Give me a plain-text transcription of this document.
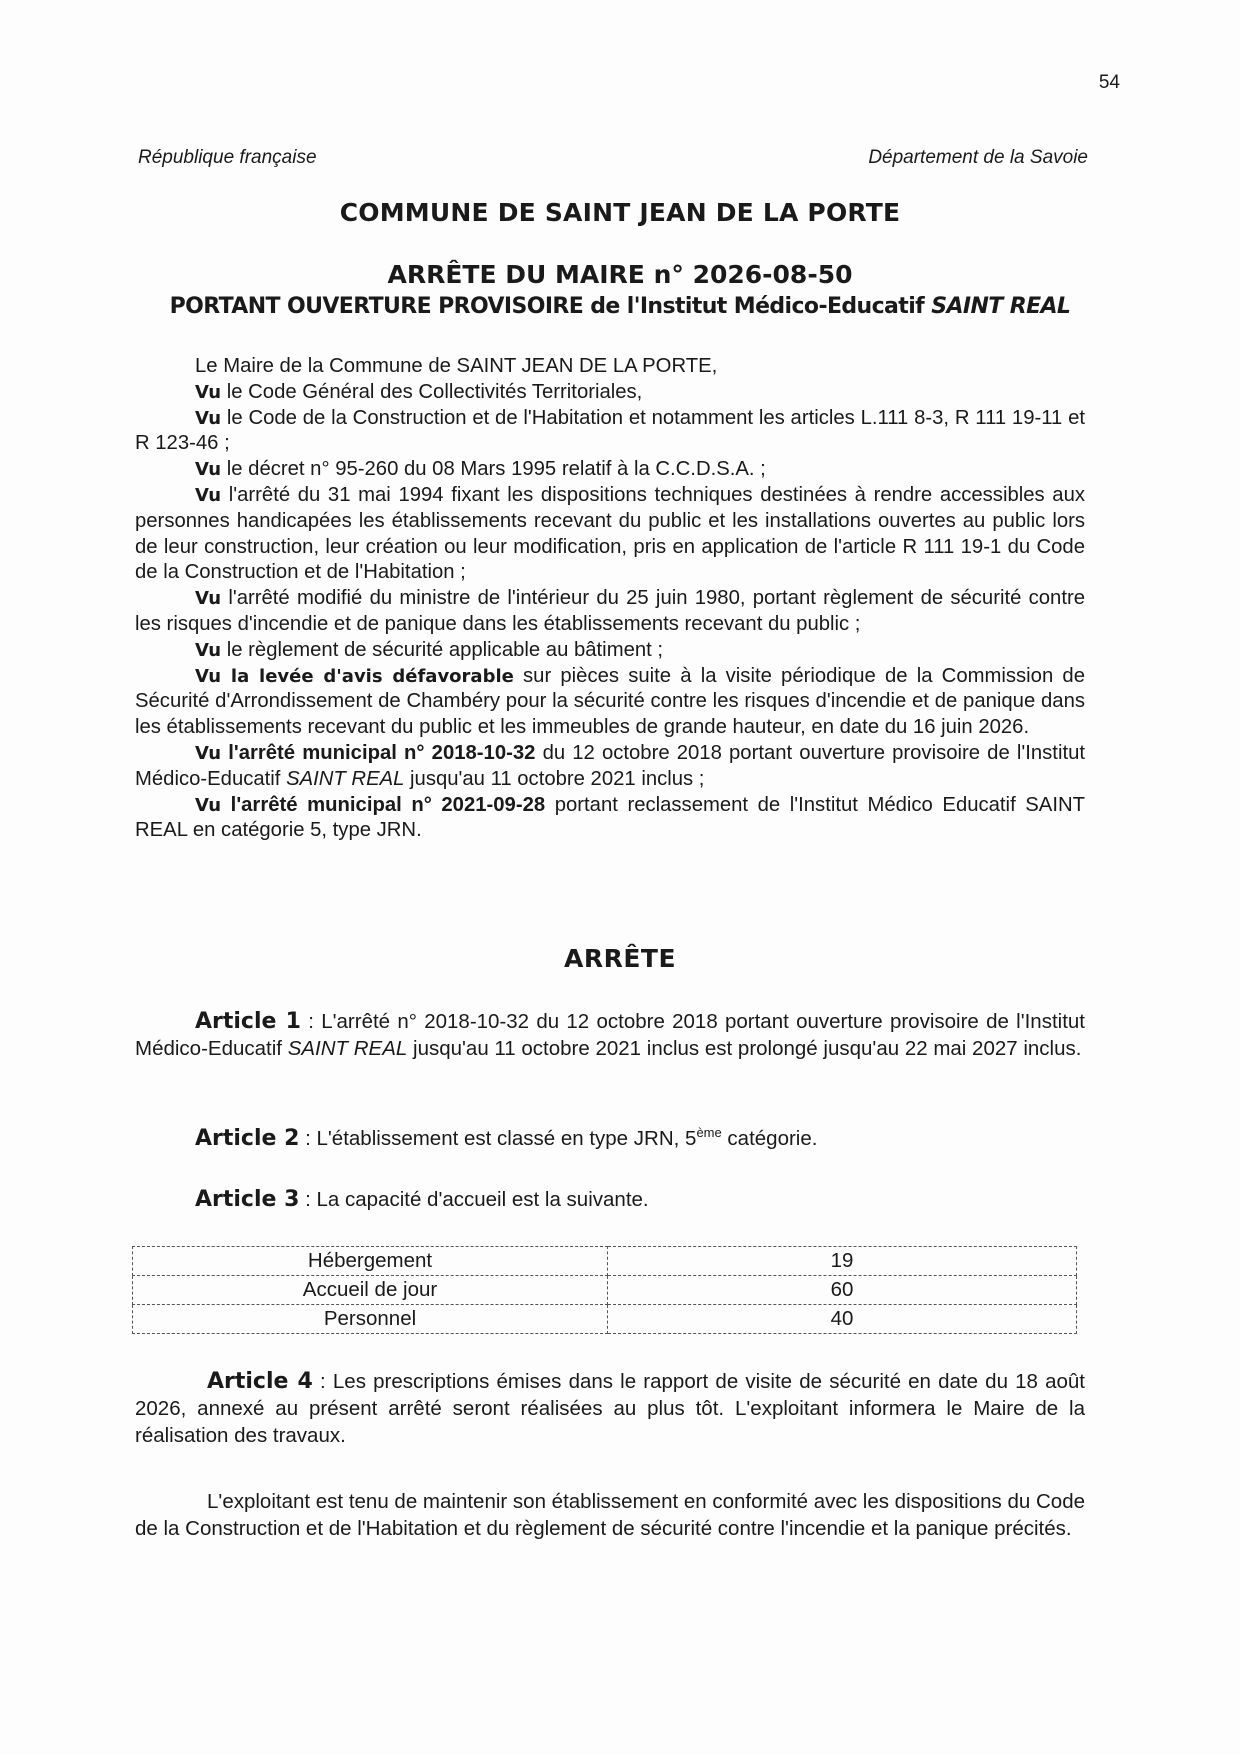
54
République française	Département de la Savoie

COMMUNE DE SAINT JEAN DE LA PORTE

ARRÊTE DU MAIRE n° 2026-08-50

PORTANT OUVERTURE PROVISOIRE de l'Institut Médico-Educatif SAINT REAL

Le Maire de la Commune de SAINT JEAN DE LA PORTE,

Vu le Code Général des Collectivités Territoriales,

Vu le Code de la Construction et de l'Habitation et notamment les articles L.111 8-3, R 111 19-11 et R 123-46 ;

Vu le décret n° 95-260 du 08 Mars 1995 relatif à la C.C.D.S.A. ;

Vu l'arrêté du 31 mai 1994 fixant les dispositions techniques destinées à rendre accessibles aux personnes handicapées les établissements recevant du public et les installations ouvertes au public lors de leur construction, leur création ou leur modification, pris en application de l'article R 111 19-1 du Code de la Construction et de l'Habitation ;

Vu l'arrêté modifié du ministre de l'intérieur du 25 juin 1980, portant règlement de sécurité contre les risques d'incendie et de panique dans les établissements recevant du public ;

Vu le règlement de sécurité applicable au bâtiment ;

Vu la levée d'avis défavorable sur pièces suite à la visite périodique de la Commission de Sécurité d'Arrondissement de Chambéry pour la sécurité contre les risques d'incendie et de panique dans les établissements recevant du public et les immeubles de grande hauteur, en date du 16 juin 2026.

Vu l'arrêté municipal n° 2018-10-32 du 12 octobre 2018 portant ouverture provisoire de l'Institut Médico-Educatif SAINT REAL jusqu'au 11 octobre 2021 inclus ;

Vu l'arrêté municipal n° 2021-09-28 portant reclassement de l'Institut Médico Educatif SAINT REAL en catégorie 5, type JRN.

ARRÊTE

Article 1 : L'arrêté n° 2018-10-32 du 12 octobre 2018 portant ouverture provisoire de l'Institut Médico-Educatif SAINT REAL jusqu'au 11 octobre 2021 inclus est prolongé jusqu'au 22 mai 2027 inclus.

Article 2 : L'établissement est classé en type JRN, 5ème catégorie.

Article 3 : La capacité d'accueil est la suivante.

Hébergement	19
Accueil de jour	60
Personnel	40

Article 4 : Les prescriptions émises dans le rapport de visite de sécurité en date du 18 août 2026, annexé au présent arrêté seront réalisées au plus tôt. L'exploitant informera le Maire de la réalisation des travaux.

L'exploitant est tenu de maintenir son établissement en conformité avec les dispositions du Code de la Construction et de l'Habitation et du règlement de sécurité contre l'incendie et la panique précités.
